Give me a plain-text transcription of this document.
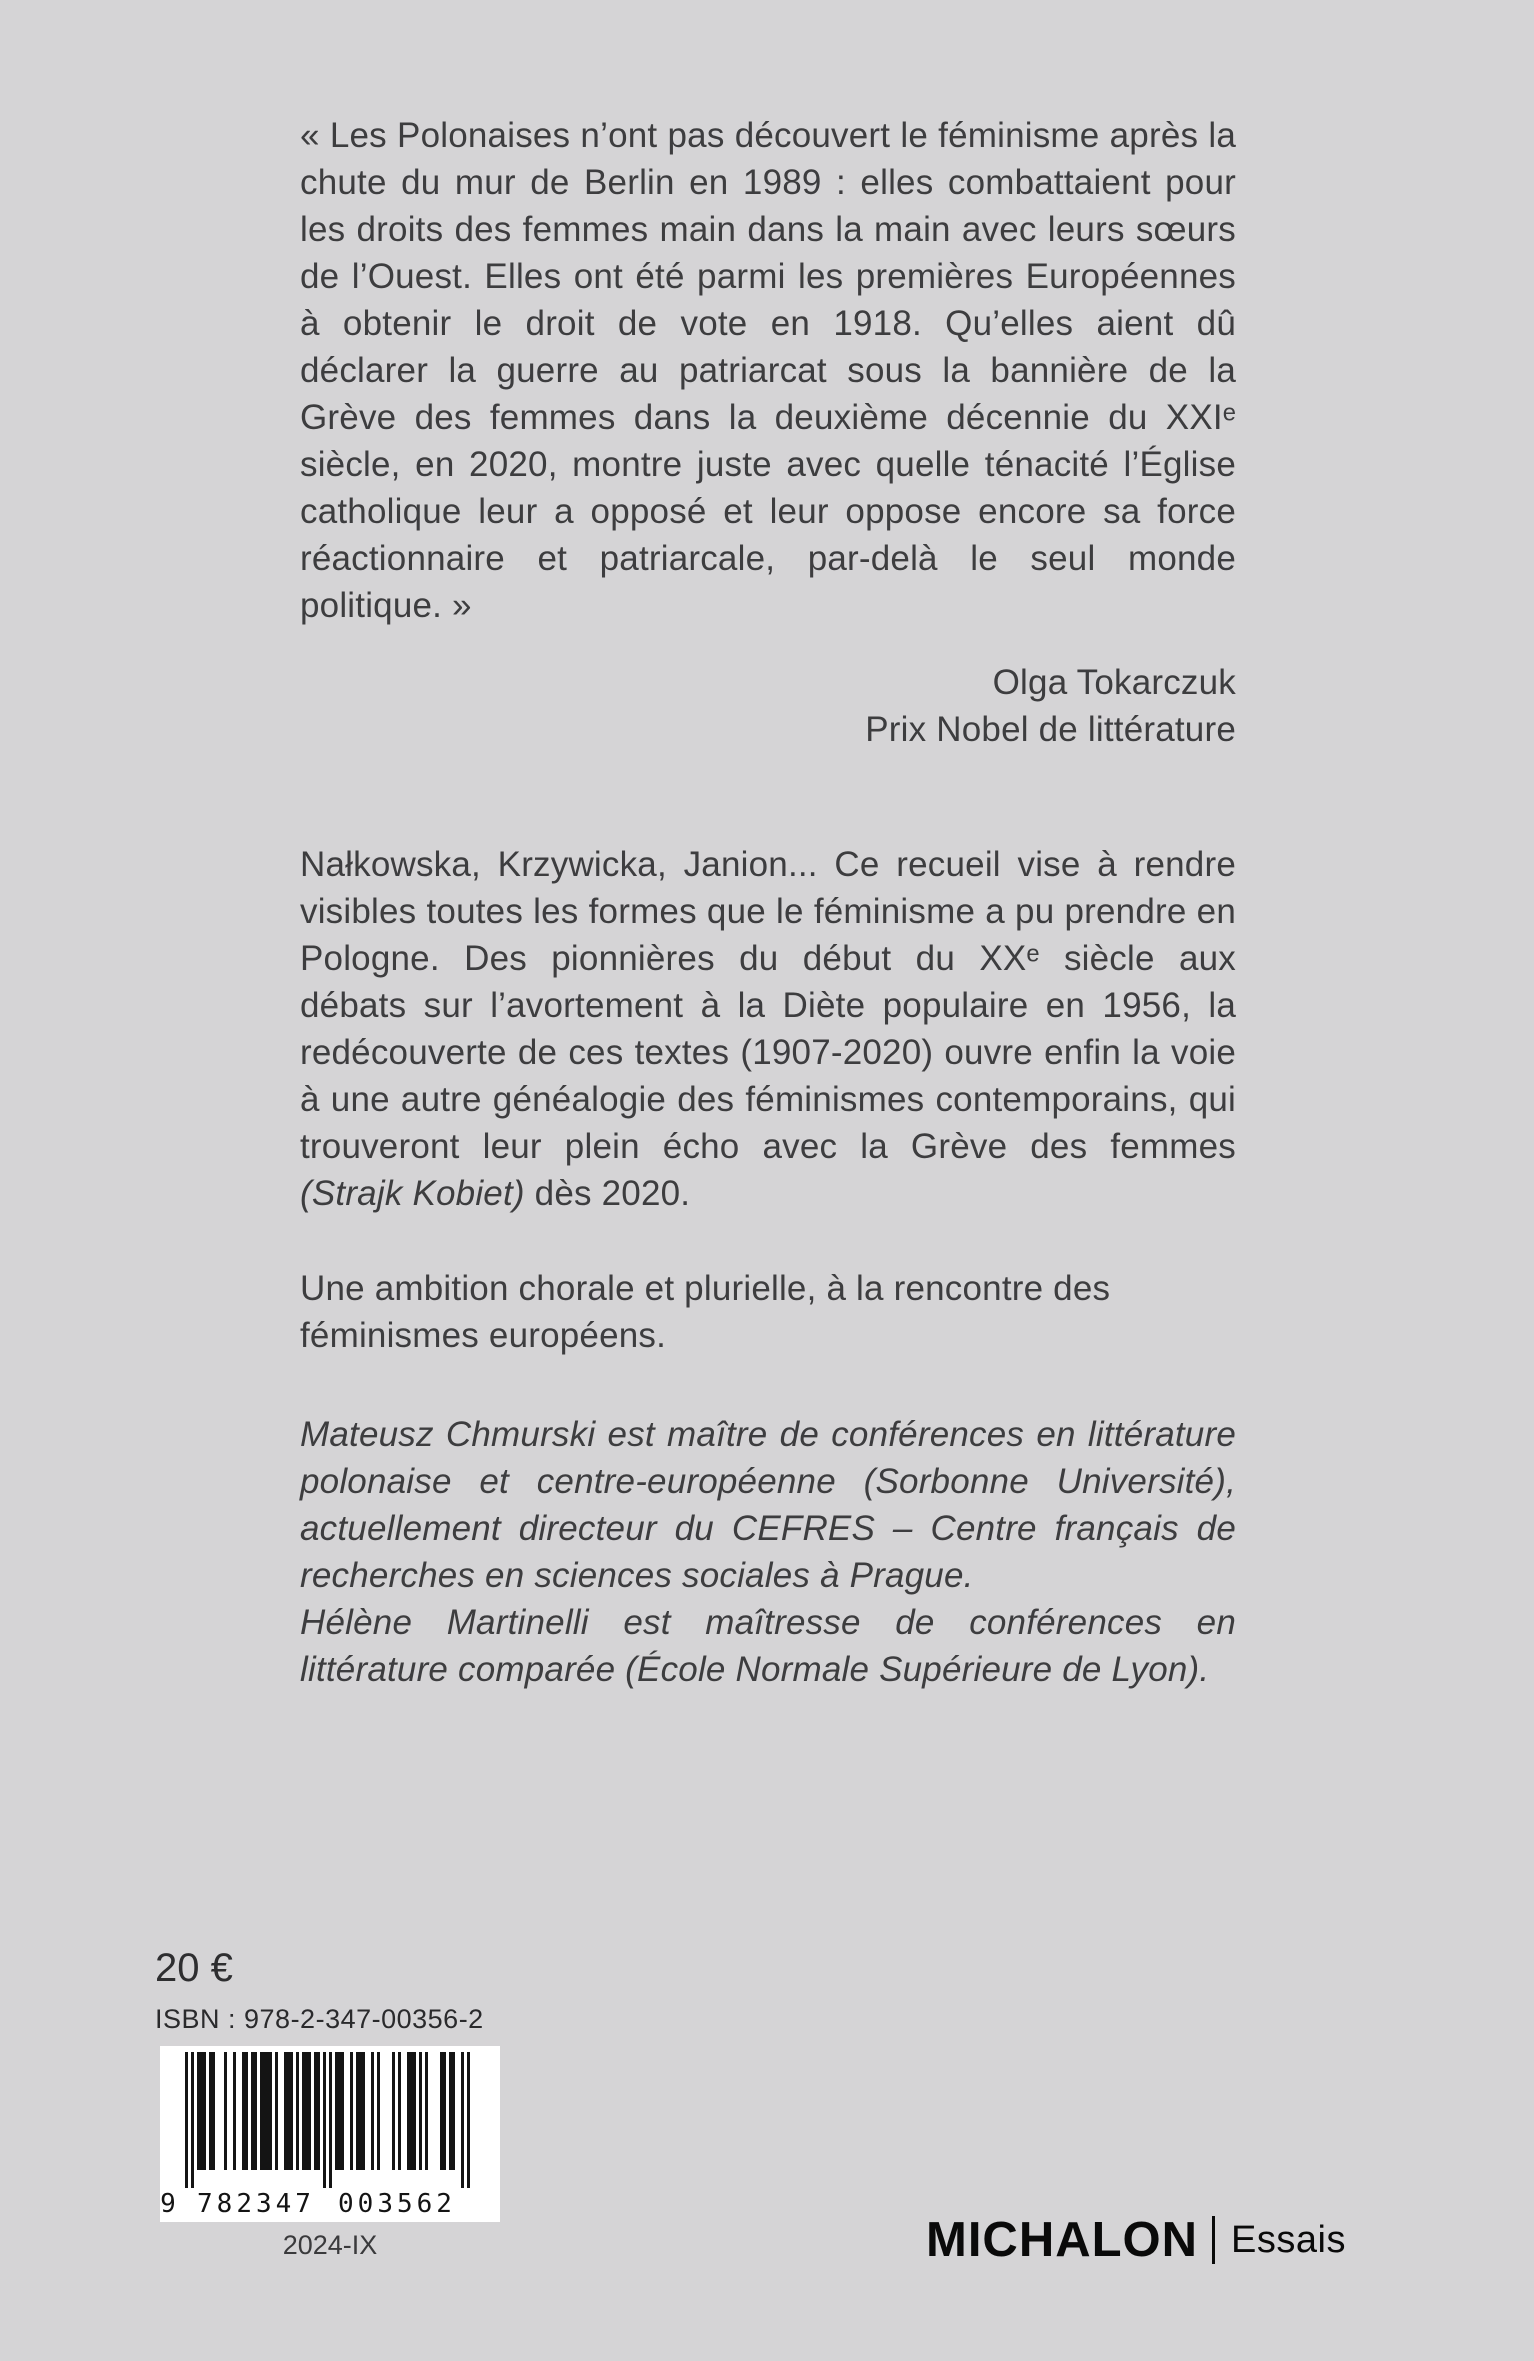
« Les Polonaises n’ont pas découvert le féminisme après la chute du mur de Berlin en 1989 : elles combattaient pour les droits des femmes main dans la main avec leurs sœurs de l’Ouest. Elles ont été parmi les premières Européennes à obtenir le droit de vote en 1918. Qu’elles aient dû déclarer la guerre au patriarcat sous la bannière de la Grève des femmes dans la deuxième décennie du XXIᵉ siècle, en 2020, montre juste avec quelle ténacité l’Église catholique leur a opposé et leur oppose encore sa force réactionnaire et patriarcale, par-delà le seul monde politique. »

Olga Tokarczuk
Prix Nobel de littérature

Nałkowska, Krzywicka, Janion... Ce recueil vise à rendre visibles toutes les formes que le féminisme a pu prendre en Pologne. Des pionnières du début du XXᵉ siècle aux débats sur l’avortement à la Diète populaire en 1956, la redécouverte de ces textes (1907-2020) ouvre enfin la voie à une autre généalogie des féminismes contemporains, qui trouveront leur plein écho avec la Grève des femmes (Strajk Kobiet) dès 2020.

Une ambition chorale et plurielle, à la rencontre des féminismes européens.

Mateusz Chmurski est maître de conférences en littérature polonaise et centre-européenne (Sorbonne Université), actuellement directeur du CEFRES – Centre français de recherches en sciences sociales à Prague.

Hélène Martinelli est maîtresse de conférences en littérature comparée (École Normale Supérieure de Lyon).

20 €
ISBN : 978-2-347-00356-2
9 782347 003562
2024-IX	MICHALON Essais
